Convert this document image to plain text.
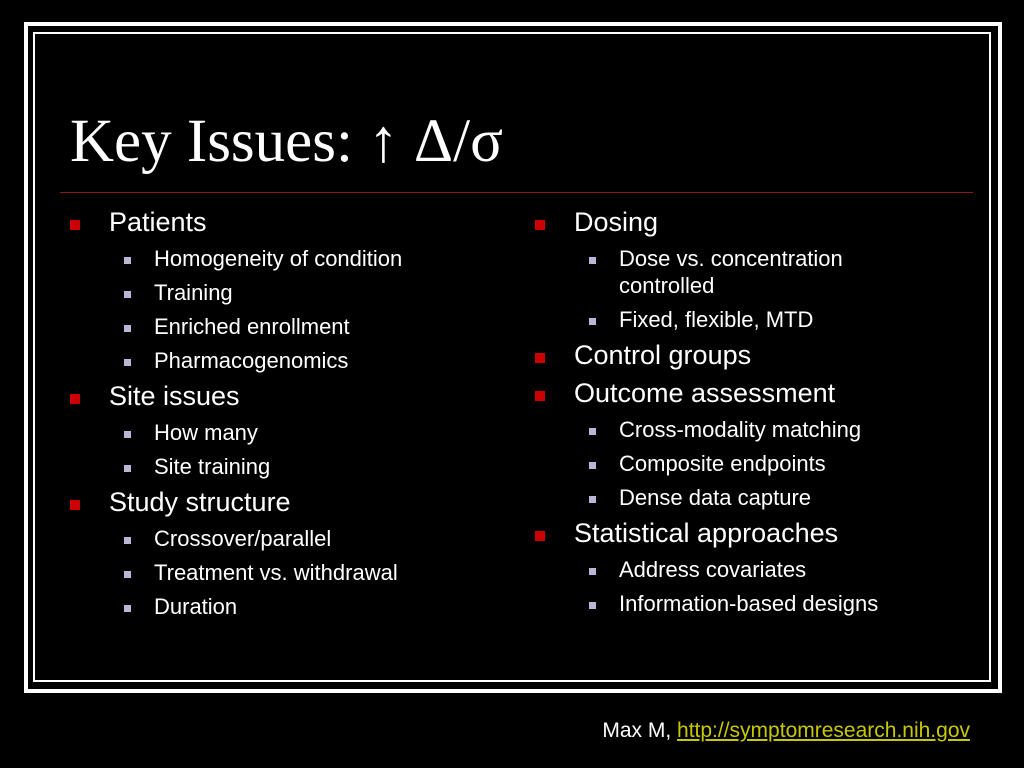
Key Issues: ↑ Δ/σ
Patients
Homogeneity of condition
Training
Enriched enrollment
Pharmacogenomics
Site issues
How many
Site training
Study structure
Crossover/parallel
Treatment vs. withdrawal
Duration
Dosing
Dose vs. concentration controlled
Fixed, flexible, MTD
Control groups
Outcome assessment
Cross-modality matching
Composite endpoints
Dense data capture
Statistical approaches
Address covariates
Information-based designs
Max M, http://symptomresearch.nih.gov
